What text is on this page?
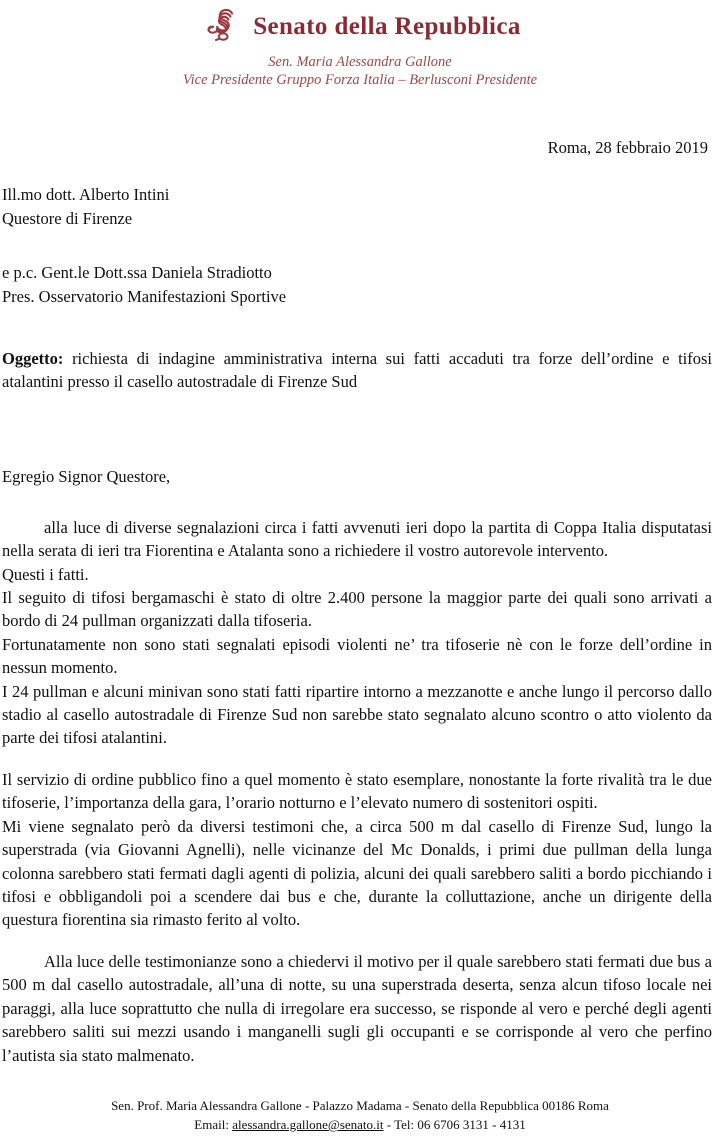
Senato della Repubblica
Sen. Maria Alessandra Gallone
Vice Presidente Gruppo Forza Italia – Berlusconi Presidente
Roma, 28 febbraio 2019
Ill.mo dott. Alberto Intini
Questore di Firenze
e p.c. Gent.le Dott.ssa Daniela Stradiotto
Pres. Osservatorio Manifestazioni Sportive
Oggetto: richiesta di indagine amministrativa interna sui fatti accaduti tra forze dell’ordine e tifosi atalantini presso il casello autostradale di Firenze Sud
Egregio Signor Questore,
alla luce di diverse segnalazioni circa i fatti avvenuti ieri dopo la partita di Coppa Italia disputatasi nella serata di ieri tra Fiorentina e Atalanta sono a richiedere il vostro autorevole intervento.
Questi i fatti.
Il seguito di tifosi bergamaschi è stato di oltre 2.400 persone la maggior parte dei quali sono arrivati a bordo di 24 pullman organizzati dalla tifoseria.
Fortunatamente non sono stati segnalati episodi violenti ne’ tra tifoserie nè con le forze dell’ordine in nessun momento.
I 24 pullman e alcuni minivan sono stati fatti ripartire intorno a mezzanotte e anche lungo il percorso dallo stadio al casello autostradale di Firenze Sud non sarebbe stato segnalato alcuno scontro o atto violento da parte dei tifosi atalantini.
Il servizio di ordine pubblico fino a quel momento è stato esemplare, nonostante la forte rivalità tra le due tifoserie, l’importanza della gara, l’orario notturno e l’elevato numero di sostenitori ospiti.
Mi viene segnalato però da diversi testimoni che, a circa 500 m dal casello di Firenze Sud, lungo la superstrada (via Giovanni Agnelli), nelle vicinanze del Mc Donalds, i primi due pullman della lunga colonna sarebbero stati fermati dagli agenti di polizia, alcuni dei quali sarebbero saliti a bordo picchiando i tifosi e obbligandoli poi a scendere dai bus e che, durante la colluttazione, anche un dirigente della questura fiorentina sia rimasto ferito al volto.
Alla luce delle testimonianze sono a chiedervi il motivo per il quale sarebbero stati fermati due bus a 500 m dal casello autostradale, all’una di notte, su una superstrada deserta, senza alcun tifoso locale nei paraggi, alla luce soprattutto che nulla di irregolare era successo, se risponde al vero e perché degli agenti sarebbero saliti sui mezzi usando i manganelli sugli gli occupanti e se corrisponde al vero che perfino l’autista sia stato malmenato.
Sen. Prof. Maria Alessandra Gallone - Palazzo Madama - Senato della Repubblica 00186 Roma
Email: alessandra.gallone@senato.it - Tel: 06 6706 3131 - 4131
